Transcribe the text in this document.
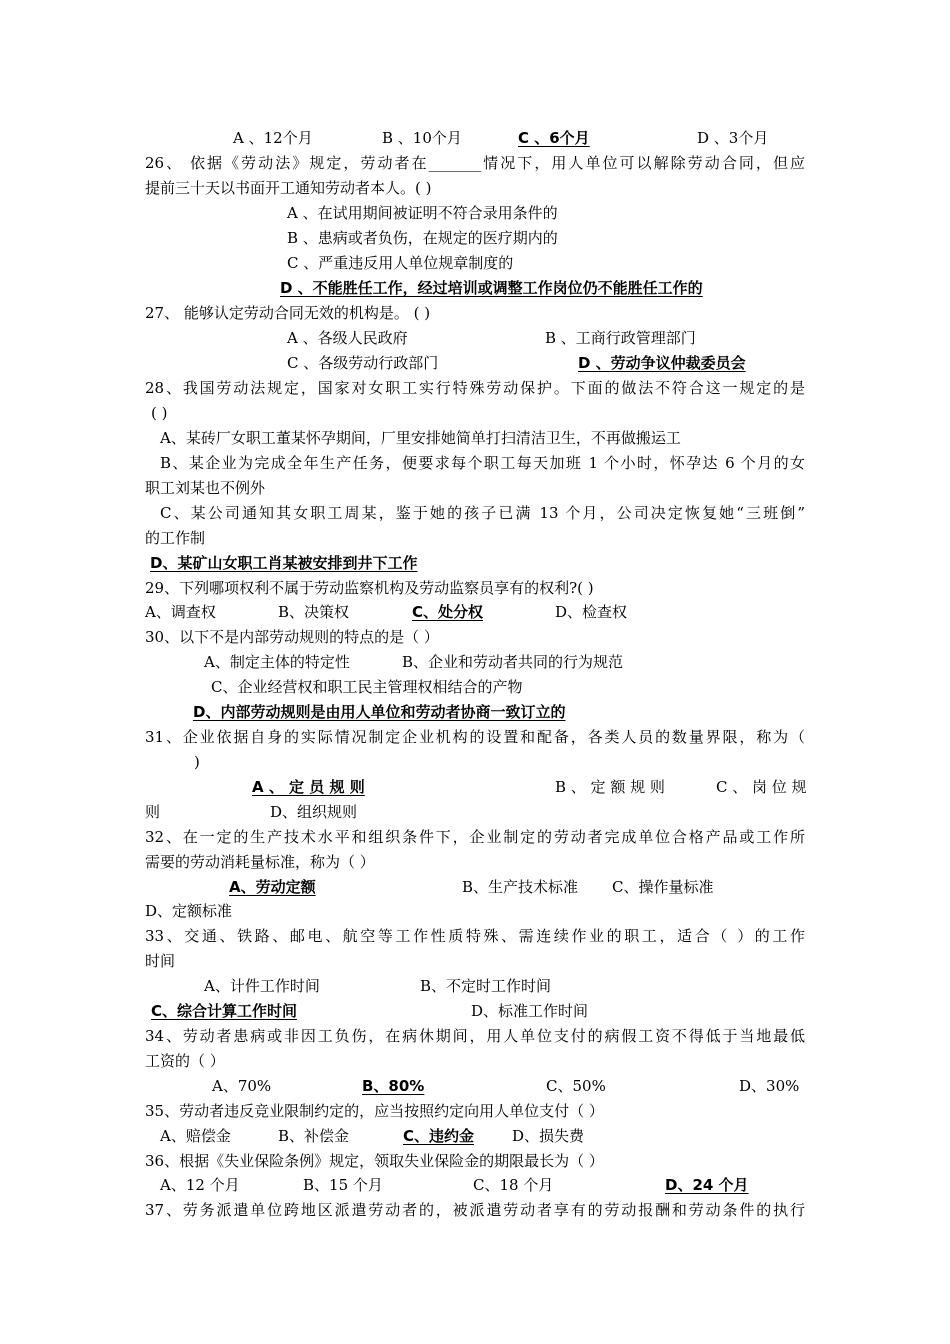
A 、12个月	B 、10个月	C 、6个月	D 、3个月
26、 依据《劳动法》规定，劳动者在_______情况下，用人单位可以解除劳动合同，但应
提前三十天以书面开工通知劳动者本人。( )
A 、在试用期间被证明不符合录用条件的
B 、患病或者负伤，在规定的医疗期内的
C 、严重违反用人单位规章制度的
D 、不能胜任工作，经过培训或调整工作岗位仍不能胜任工作的
27、 能够认定劳动合同无效的机构是。 ( )
A 、各级人民政府	B 、工商行政管理部门
C 、各级劳动行政部门	D 、劳动争议仲裁委员会
28、我国劳动法规定，国家对女职工实行特殊劳动保护。下面的做法不符合这一规定的是
( )
A、某砖厂女职工董某怀孕期间，厂里安排她简单打扫清洁卫生，不再做搬运工
B、某企业为完成全年生产任务，便要求每个职工每天加班 1 个小时，怀孕达 6 个月的女
职工刘某也不例外
C、某公司通知其女职工周某，鉴于她的孩子已满 13 个月，公司决定恢复她“三班倒”
的工作制
D、某矿山女职工肖某被安排到井下工作
29、下列哪项权利不属于劳动监察机构及劳动监察员享有的权利?( )
A、调查权	B、决策权	C、处分权	D、检查权
30、以下不是内部劳动规则的特点的是（ ）
A、制定主体的特定性	B、企业和劳动者共同的行为规范
C、企业经营权和职工民主管理权相结合的产物
D、内部劳动规则是由用人单位和劳动者协商一致订立的
31、企业依据自身的实际情况制定企业机构的设置和配备，各类人员的数量界限，称为（
)
A 、 定 员 规 则	B 、 定 额 规 则	C 、 岗 位 规
则	D、组织规则
32、在一定的生产技术水平和组织条件下，企业制定的劳动者完成单位合格产品或工作所
需要的劳动消耗量标准，称为（ ）
A、劳动定额	B、生产技术标准 C、操作量标准
D、定额标准
33、交通、铁路、邮电、航空等工作性质特殊、需连续作业的职工，适合（ ）的工作
时间
A、计件工作时间	B、不定时工作时间
C、综合计算工作时间	D、标准工作时间
34、劳动者患病或非因工负伤，在病休期间，用人单位支付的病假工资不得低于当地最低
工资的（ ）
A、70%	B、80%	C、50%	D、30%
35、劳动者违反竞业限制约定的，应当按照约定向用人单位支付（ ）
A、赔偿金	B、补偿金	C、违约金	D、损失费
36、根据《失业保险条例》规定，领取失业保险金的期限最长为（ ）
A、12 个月	B、15 个月	C、18 个月	D、24 个月
37、劳务派遣单位跨地区派遣劳动者的，被派遣劳动者享有的劳动报酬和劳动条件的执行
